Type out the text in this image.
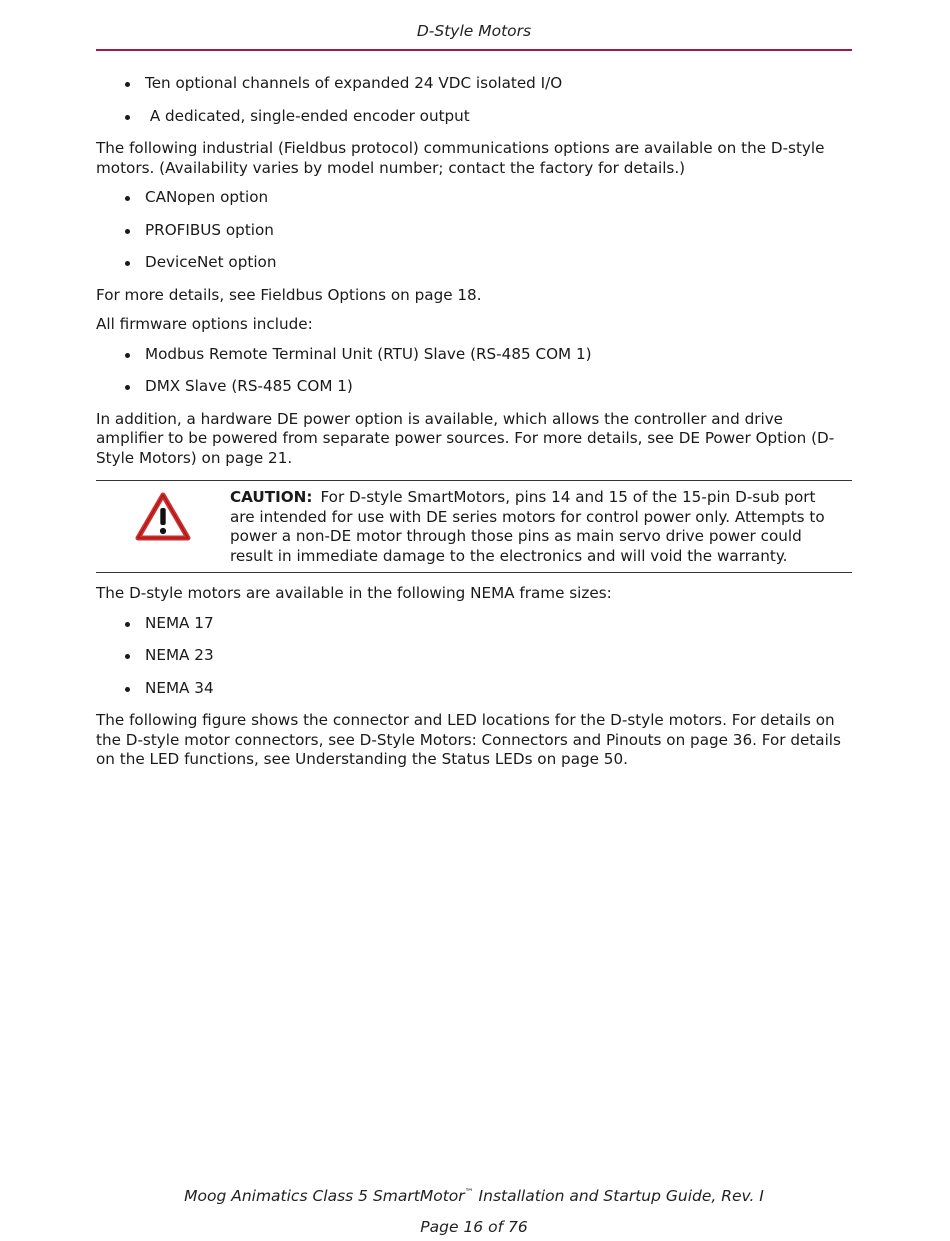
D-Style Motors
Ten optional channels of expanded 24 VDC isolated I/O
A dedicated, single-ended encoder output

The following industrial (Fieldbus protocol) communications options are available on the D-style motors. (Availability varies by model number; contact the factory for details.)

CANopen option
PROFIBUS option
DeviceNet option

For more details, see Fieldbus Options on page 18.

All firmware options include:

Modbus Remote Terminal Unit (RTU) Slave (RS-485 COM 1)
DMX Slave (RS-485 COM 1)

In addition, a hardware DE power option is available, which allows the controller and drive amplifier to be powered from separate power sources. For more details, see DE Power Option (D-Style Motors) on page 21.

CAUTION: For D-style SmartMotors, pins 14 and 15 of the 15-pin D-sub port are intended for use with DE series motors for control power only. Attempts to power a non-DE motor through those pins as main servo drive power could result in immediate damage to the electronics and will void the warranty.

The D-style motors are available in the following NEMA frame sizes:

NEMA 17
NEMA 23
NEMA 34

The following figure shows the connector and LED locations for the D-style motors. For details on the D-style motor connectors, see D-Style Motors: Connectors and Pinouts on page 36. For details on the LED functions, see Understanding the Status LEDs on page 50.

Moog Animatics Class 5 SmartMotor™ Installation and Startup Guide, Rev. I
Page 16 of 76
